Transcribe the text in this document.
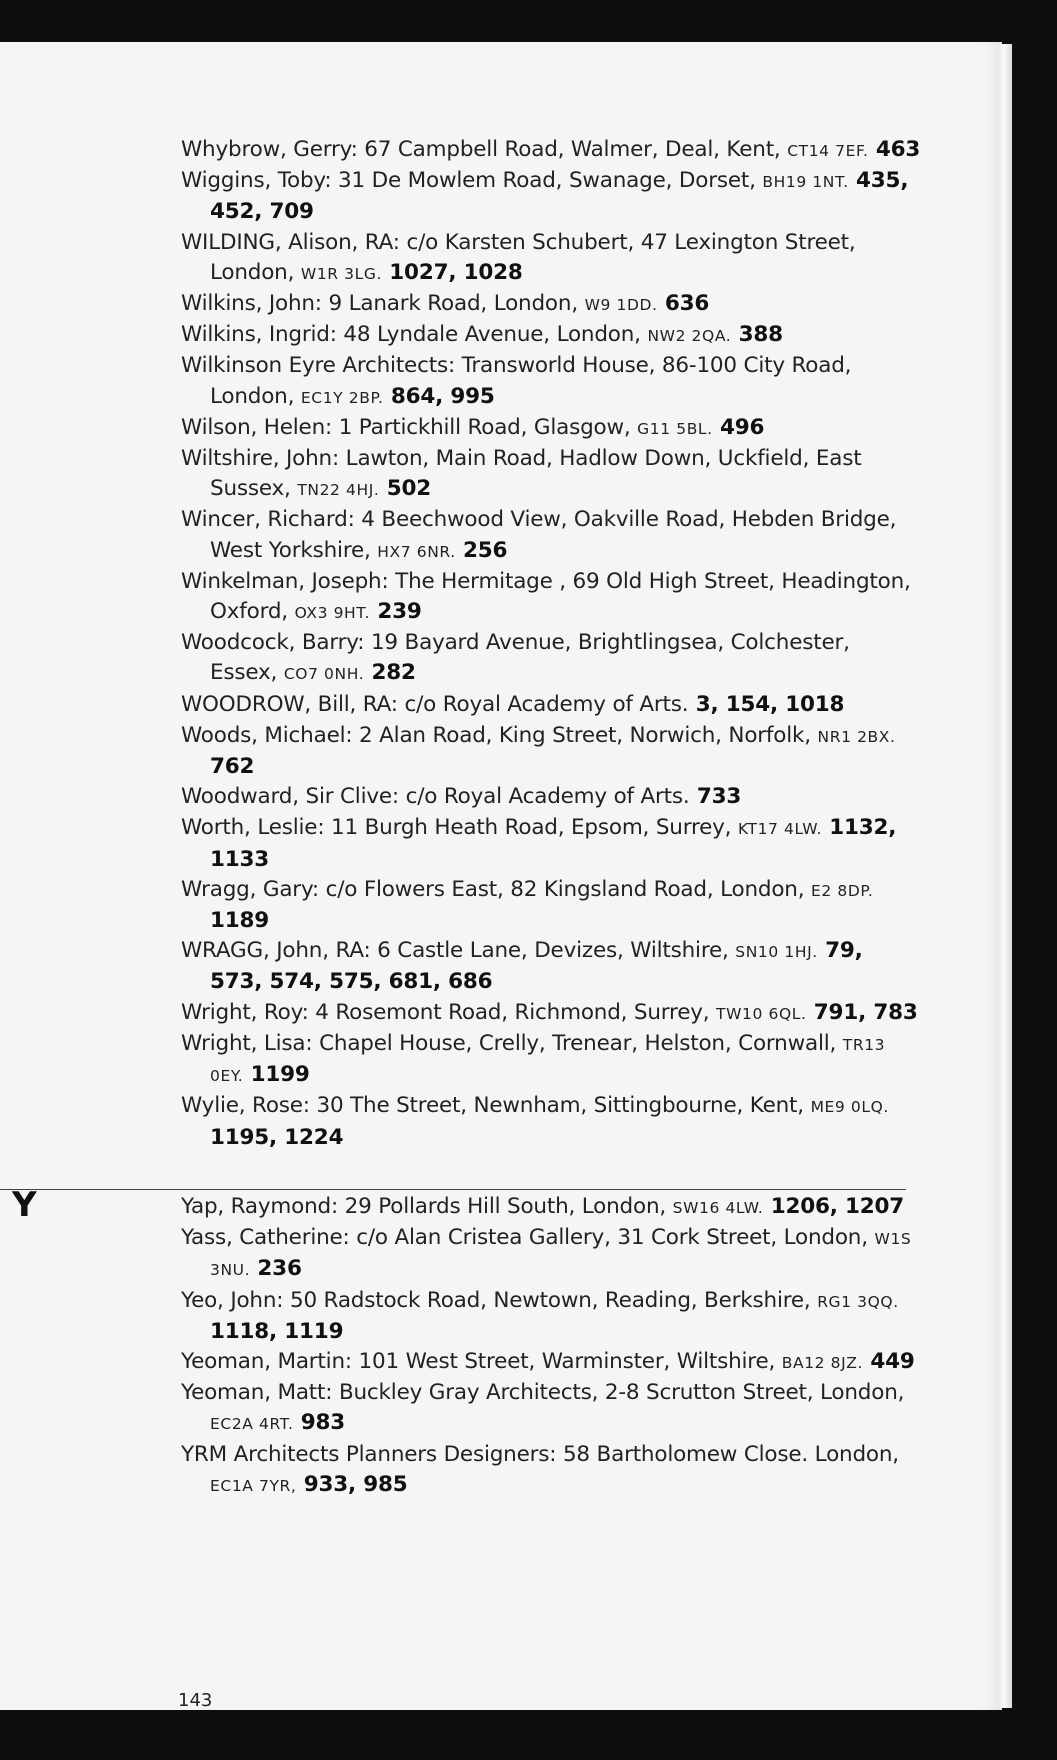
Whybrow, Gerry: 67 Campbell Road, Walmer, Deal, Kent, CT14 7EF. 463
Wiggins, Toby: 31 De Mowlem Road, Swanage, Dorset, BH19 1NT. 435, 452, 709
WILDING, Alison, RA: c/o Karsten Schubert, 47 Lexington Street, London, W1R 3LG. 1027, 1028
Wilkins, John: 9 Lanark Road, London, W9 1DD. 636
Wilkins, Ingrid: 48 Lyndale Avenue, London, NW2 2QA. 388
Wilkinson Eyre Architects: Transworld House, 86-100 City Road, London, EC1Y 2BP. 864, 995
Wilson, Helen: 1 Partickhill Road, Glasgow, G11 5BL. 496
Wiltshire, John: Lawton, Main Road, Hadlow Down, Uckfield, East Sussex, TN22 4HJ. 502
Wincer, Richard: 4 Beechwood View, Oakville Road, Hebden Bridge, West Yorkshire, HX7 6NR. 256
Winkelman, Joseph: The Hermitage , 69 Old High Street, Headington, Oxford, OX3 9HT. 239
Woodcock, Barry: 19 Bayard Avenue, Brightlingsea, Colchester, Essex, CO7 0NH. 282
WOODROW, Bill, RA: c/o Royal Academy of Arts. 3, 154, 1018
Woods, Michael: 2 Alan Road, King Street, Norwich, Norfolk, NR1 2BX. 762
Woodward, Sir Clive: c/o Royal Academy of Arts. 733
Worth, Leslie: 11 Burgh Heath Road, Epsom, Surrey, KT17 4LW. 1132, 1133
Wragg, Gary: c/o Flowers East, 82 Kingsland Road, London, E2 8DP. 1189
WRAGG, John, RA: 6 Castle Lane, Devizes, Wiltshire, SN10 1HJ. 79, 573, 574, 575, 681, 686
Wright, Roy: 4 Rosemont Road, Richmond, Surrey, TW10 6QL. 791, 783
Wright, Lisa: Chapel House, Crelly, Trenear, Helston, Cornwall, TR13 0EY. 1199
Wylie, Rose: 30 The Street, Newnham, Sittingbourne, Kent, ME9 0LQ. 1195, 1224
Y	Yap, Raymond: 29 Pollards Hill South, London, SW16 4LW. 1206, 1207
Yass, Catherine: c/o Alan Cristea Gallery, 31 Cork Street, London, W1S 3NU. 236
Yeo, John: 50 Radstock Road, Newtown, Reading, Berkshire, RG1 3QQ. 1118, 1119
Yeoman, Martin: 101 West Street, Warminster, Wiltshire, BA12 8JZ. 449
Yeoman, Matt: Buckley Gray Architects, 2-8 Scrutton Street, London, EC2A 4RT. 983
YRM Architects Planners Designers: 58 Bartholomew Close. London, EC1A 7YR, 933, 985
143
